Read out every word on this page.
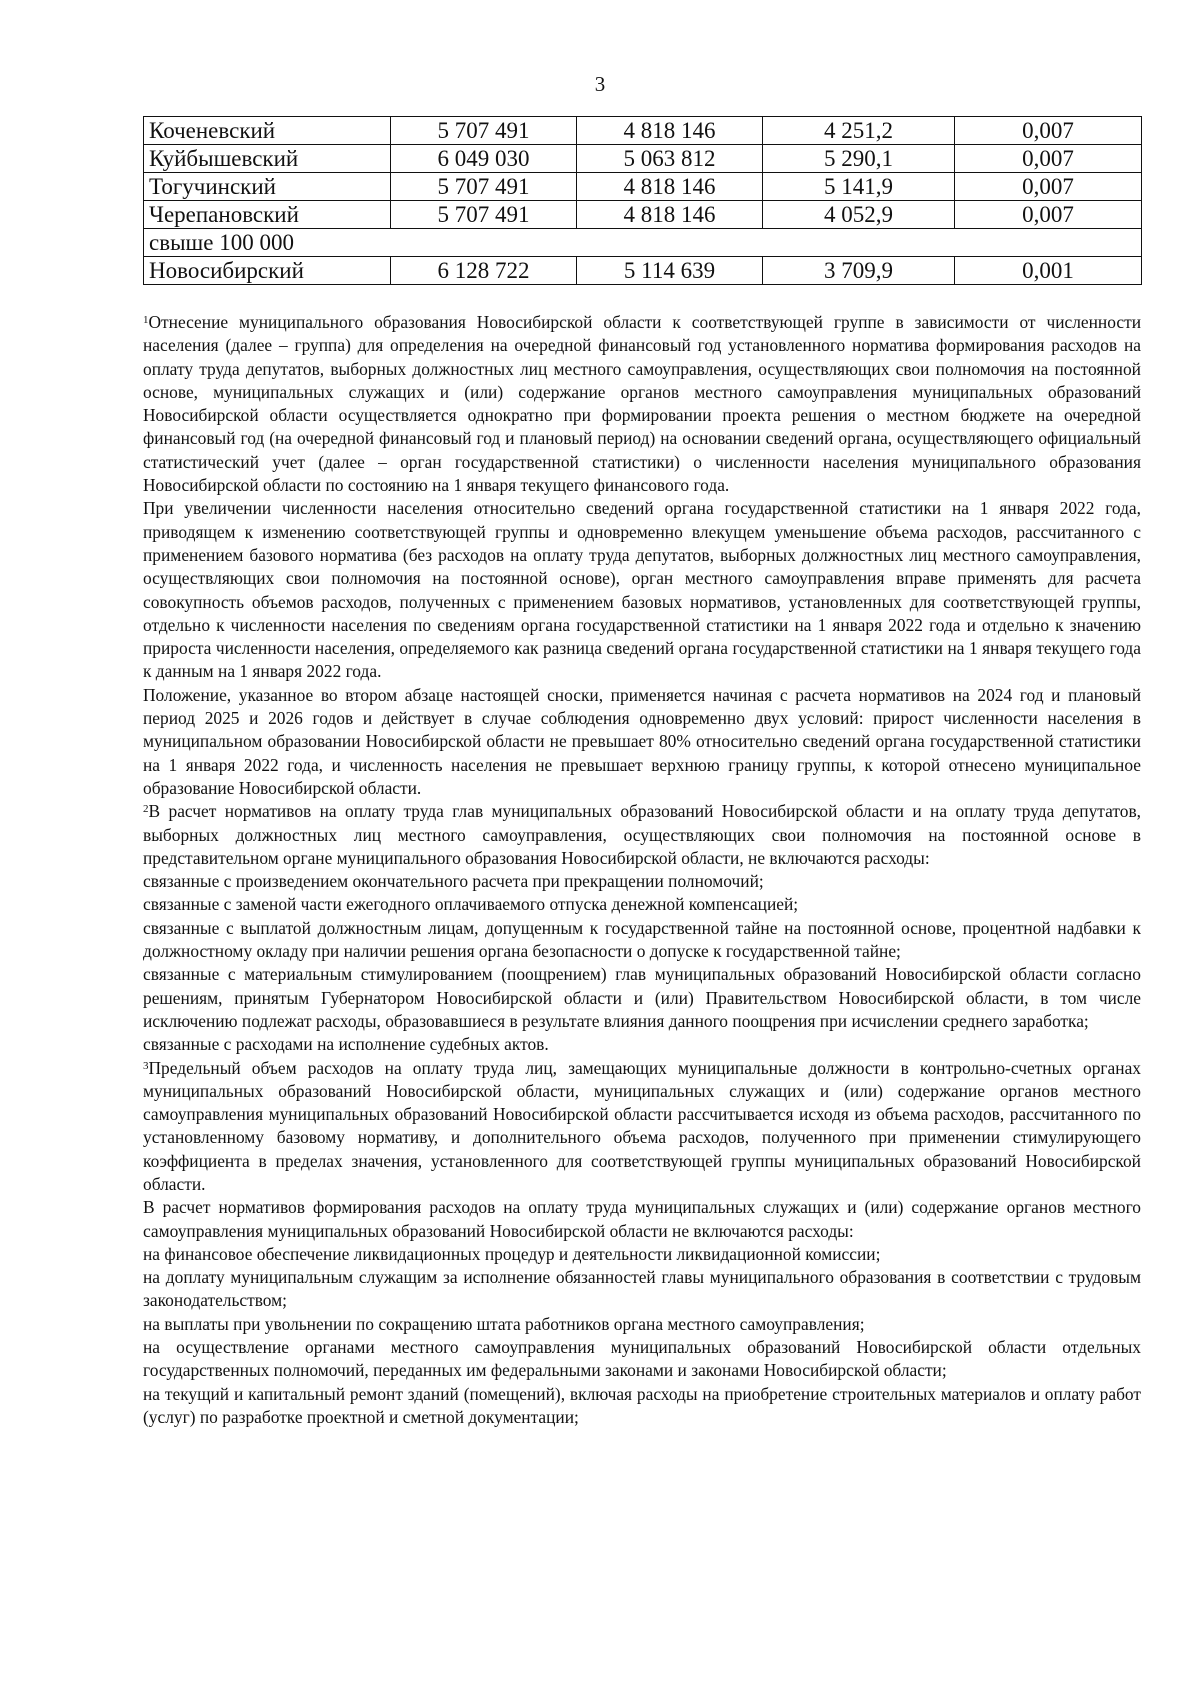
3
Коченевский	5 707 491	4 818 146	4 251,2	0,007
Куйбышевский	6 049 030	5 063 812	5 290,1	0,007
Тогучинский	5 707 491	4 818 146	5 141,9	0,007
Черепановский	5 707 491	4 818 146	4 052,9	0,007
свыше 100 000				
Новосибирский	6 128 722	5 114 639	3 709,9	0,001

$^1$Отнесение муниципального образования Новосибирской области к соответствующей группе в зависимости от численности населения (далее – группа) для определения на очередной финансовый год установленного норматива формирования расходов на оплату труда депутатов, выборных должностных лиц местного самоуправления, осуществляющих свои полномочия на постоянной основе, муниципальных служащих и (или) содержание органов местного самоуправления муниципальных образований Новосибирской области осуществляется однократно при формировании проекта решения о местном бюджете на очередной финансовый год (на очередной финансовый год и плановый период) на основании сведений органа, осуществляющего официальный статистический учет (далее – орган государственной статистики) о численности населения муниципального образования Новосибирской области по состоянию на 1 января текущего финансового года.

При увеличении численности населения относительно сведений органа государственной статистики на 1 января 2022 года, приводящем к изменению соответствующей группы и одновременно влекущем уменьшение объема расходов, рассчитанного с применением базового норматива (без расходов на оплату труда депутатов, выборных должностных лиц местного самоуправления, осуществляющих свои полномочия на постоянной основе), орган местного самоуправления вправе применять для расчета совокупность объемов расходов, полученных с применением базовых нормативов, установленных для соответствующей группы, отдельно к численности населения по сведениям органа государственной статистики на 1 января 2022 года и отдельно к значению прироста численности населения, определяемого как разница сведений органа государственной статистики на 1 января текущего года к данным на 1 января 2022 года.

Положение, указанное во втором абзаце настоящей сноски, применяется начиная с расчета нормативов на 2024 год и плановый период 2025 и 2026 годов и действует в случае соблюдения одновременно двух условий: прирост численности населения в муниципальном образовании Новосибирской области не превышает 80% относительно сведений органа государственной статистики на 1 января 2022 года, и численность населения не превышает верхнюю границу группы, к которой отнесено муниципальное образование Новосибирской области.

$^2$В расчет нормативов на оплату труда глав муниципальных образований Новосибирской области и на оплату труда депутатов, выборных должностных лиц местного самоуправления, осуществляющих свои полномочия на постоянной основе в представительном органе муниципального образования Новосибирской области, не включаются расходы:

связанные с произведением окончательного расчета при прекращении полномочий;

связанные с заменой части ежегодного оплачиваемого отпуска денежной компенсацией;

связанные с выплатой должностным лицам, допущенным к государственной тайне на постоянной основе, процентной надбавки к должностному окладу при наличии решения органа безопасности о допуске к государственной тайне;

связанные с материальным стимулированием (поощрением) глав муниципальных образований Новосибирской области согласно решениям, принятым Губернатором Новосибирской области и (или) Правительством Новосибирской области, в том числе исключению подлежат расходы, образовавшиеся в результате влияния данного поощрения при исчислении среднего заработка;

связанные с расходами на исполнение судебных актов.

$^3$Предельный объем расходов на оплату труда лиц, замещающих муниципальные должности в контрольно-счетных органах муниципальных образований Новосибирской области, муниципальных служащих и (или) содержание органов местного самоуправления муниципальных образований Новосибирской области рассчитывается исходя из объема расходов, рассчитанного по установленному базовому нормативу, и дополнительного объема расходов, полученного при применении стимулирующего коэффициента в пределах значения, установленного для соответствующей группы муниципальных образований Новосибирской области.

В расчет нормативов формирования расходов на оплату труда муниципальных служащих и (или) содержание органов местного самоуправления муниципальных образований Новосибирской области не включаются расходы:

на финансовое обеспечение ликвидационных процедур и деятельности ликвидационной комиссии;

на доплату муниципальным служащим за исполнение обязанностей главы муниципального образования в соответствии с трудовым законодательством;

на выплаты при увольнении по сокращению штата работников органа местного самоуправления;

на осуществление органами местного самоуправления муниципальных образований Новосибирской области отдельных государственных полномочий, переданных им федеральными законами и законами Новосибирской области;

на текущий и капитальный ремонт зданий (помещений), включая расходы на приобретение строительных материалов и оплату работ (услуг) по разработке проектной и сметной документации;
